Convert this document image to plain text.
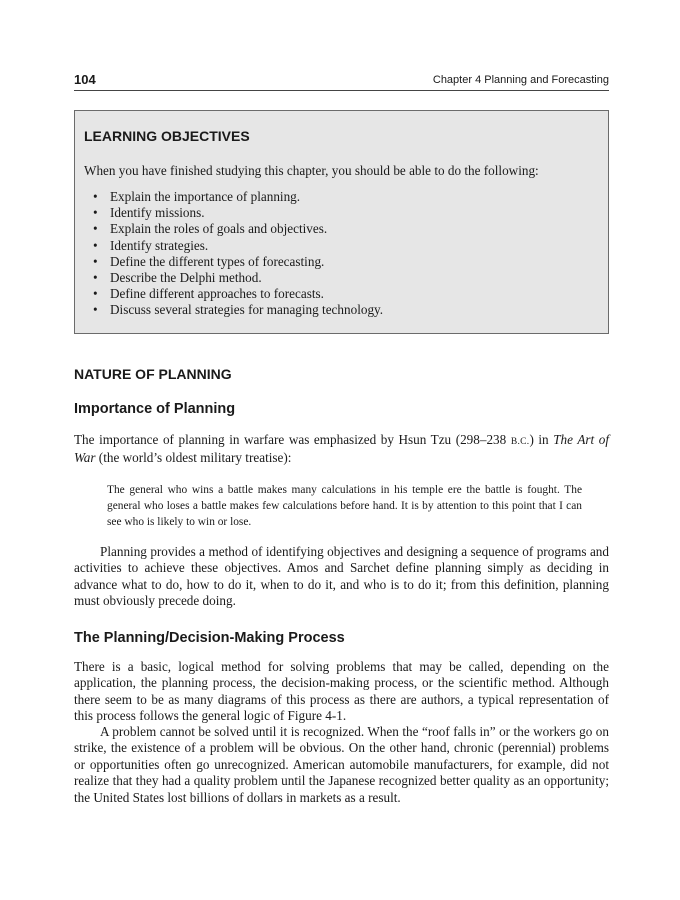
104	Chapter 4 Planning and Forecasting
LEARNING OBJECTIVES

When you have finished studying this chapter, you should be able to do the following:

• Explain the importance of planning.
• Identify missions.
• Explain the roles of goals and objectives.
• Identify strategies.
• Define the different types of forecasting.
• Describe the Delphi method.
• Define different approaches to forecasts.
• Discuss several strategies for managing technology.
NATURE OF PLANNING
Importance of Planning

The importance of planning in warfare was emphasized by Hsun Tzu (298–238 B.C.) in The Art of War (the world’s oldest military treatise):

The general who wins a battle makes many calculations in his temple ere the battle is fought. The general who loses a battle makes few calculations before hand. It is by attention to this point that I can see who is likely to win or lose.

Planning provides a method of identifying objectives and designing a sequence of programs and activities to achieve these objectives. Amos and Sarchet define planning simply as deciding in advance what to do, how to do it, when to do it, and who is to do it; from this definition, planning must obviously precede doing.

The Planning/Decision-Making Process

There is a basic, logical method for solving problems that may be called, depending on the application, the planning process, the decision-making process, or the scientific method. Although there seem to be as many diagrams of this process as there are authors, a typical representation of this process follows the general logic of Figure 4-1.

A problem cannot be solved until it is recognized. When the “roof falls in” or the workers go on strike, the existence of a problem will be obvious. On the other hand, chronic (perennial) problems or opportunities often go unrecognized. American automobile manufacturers, for example, did not realize that they had a quality problem until the Japanese recognized better quality as an opportunity; the United States lost billions of dollars in markets as a result.
